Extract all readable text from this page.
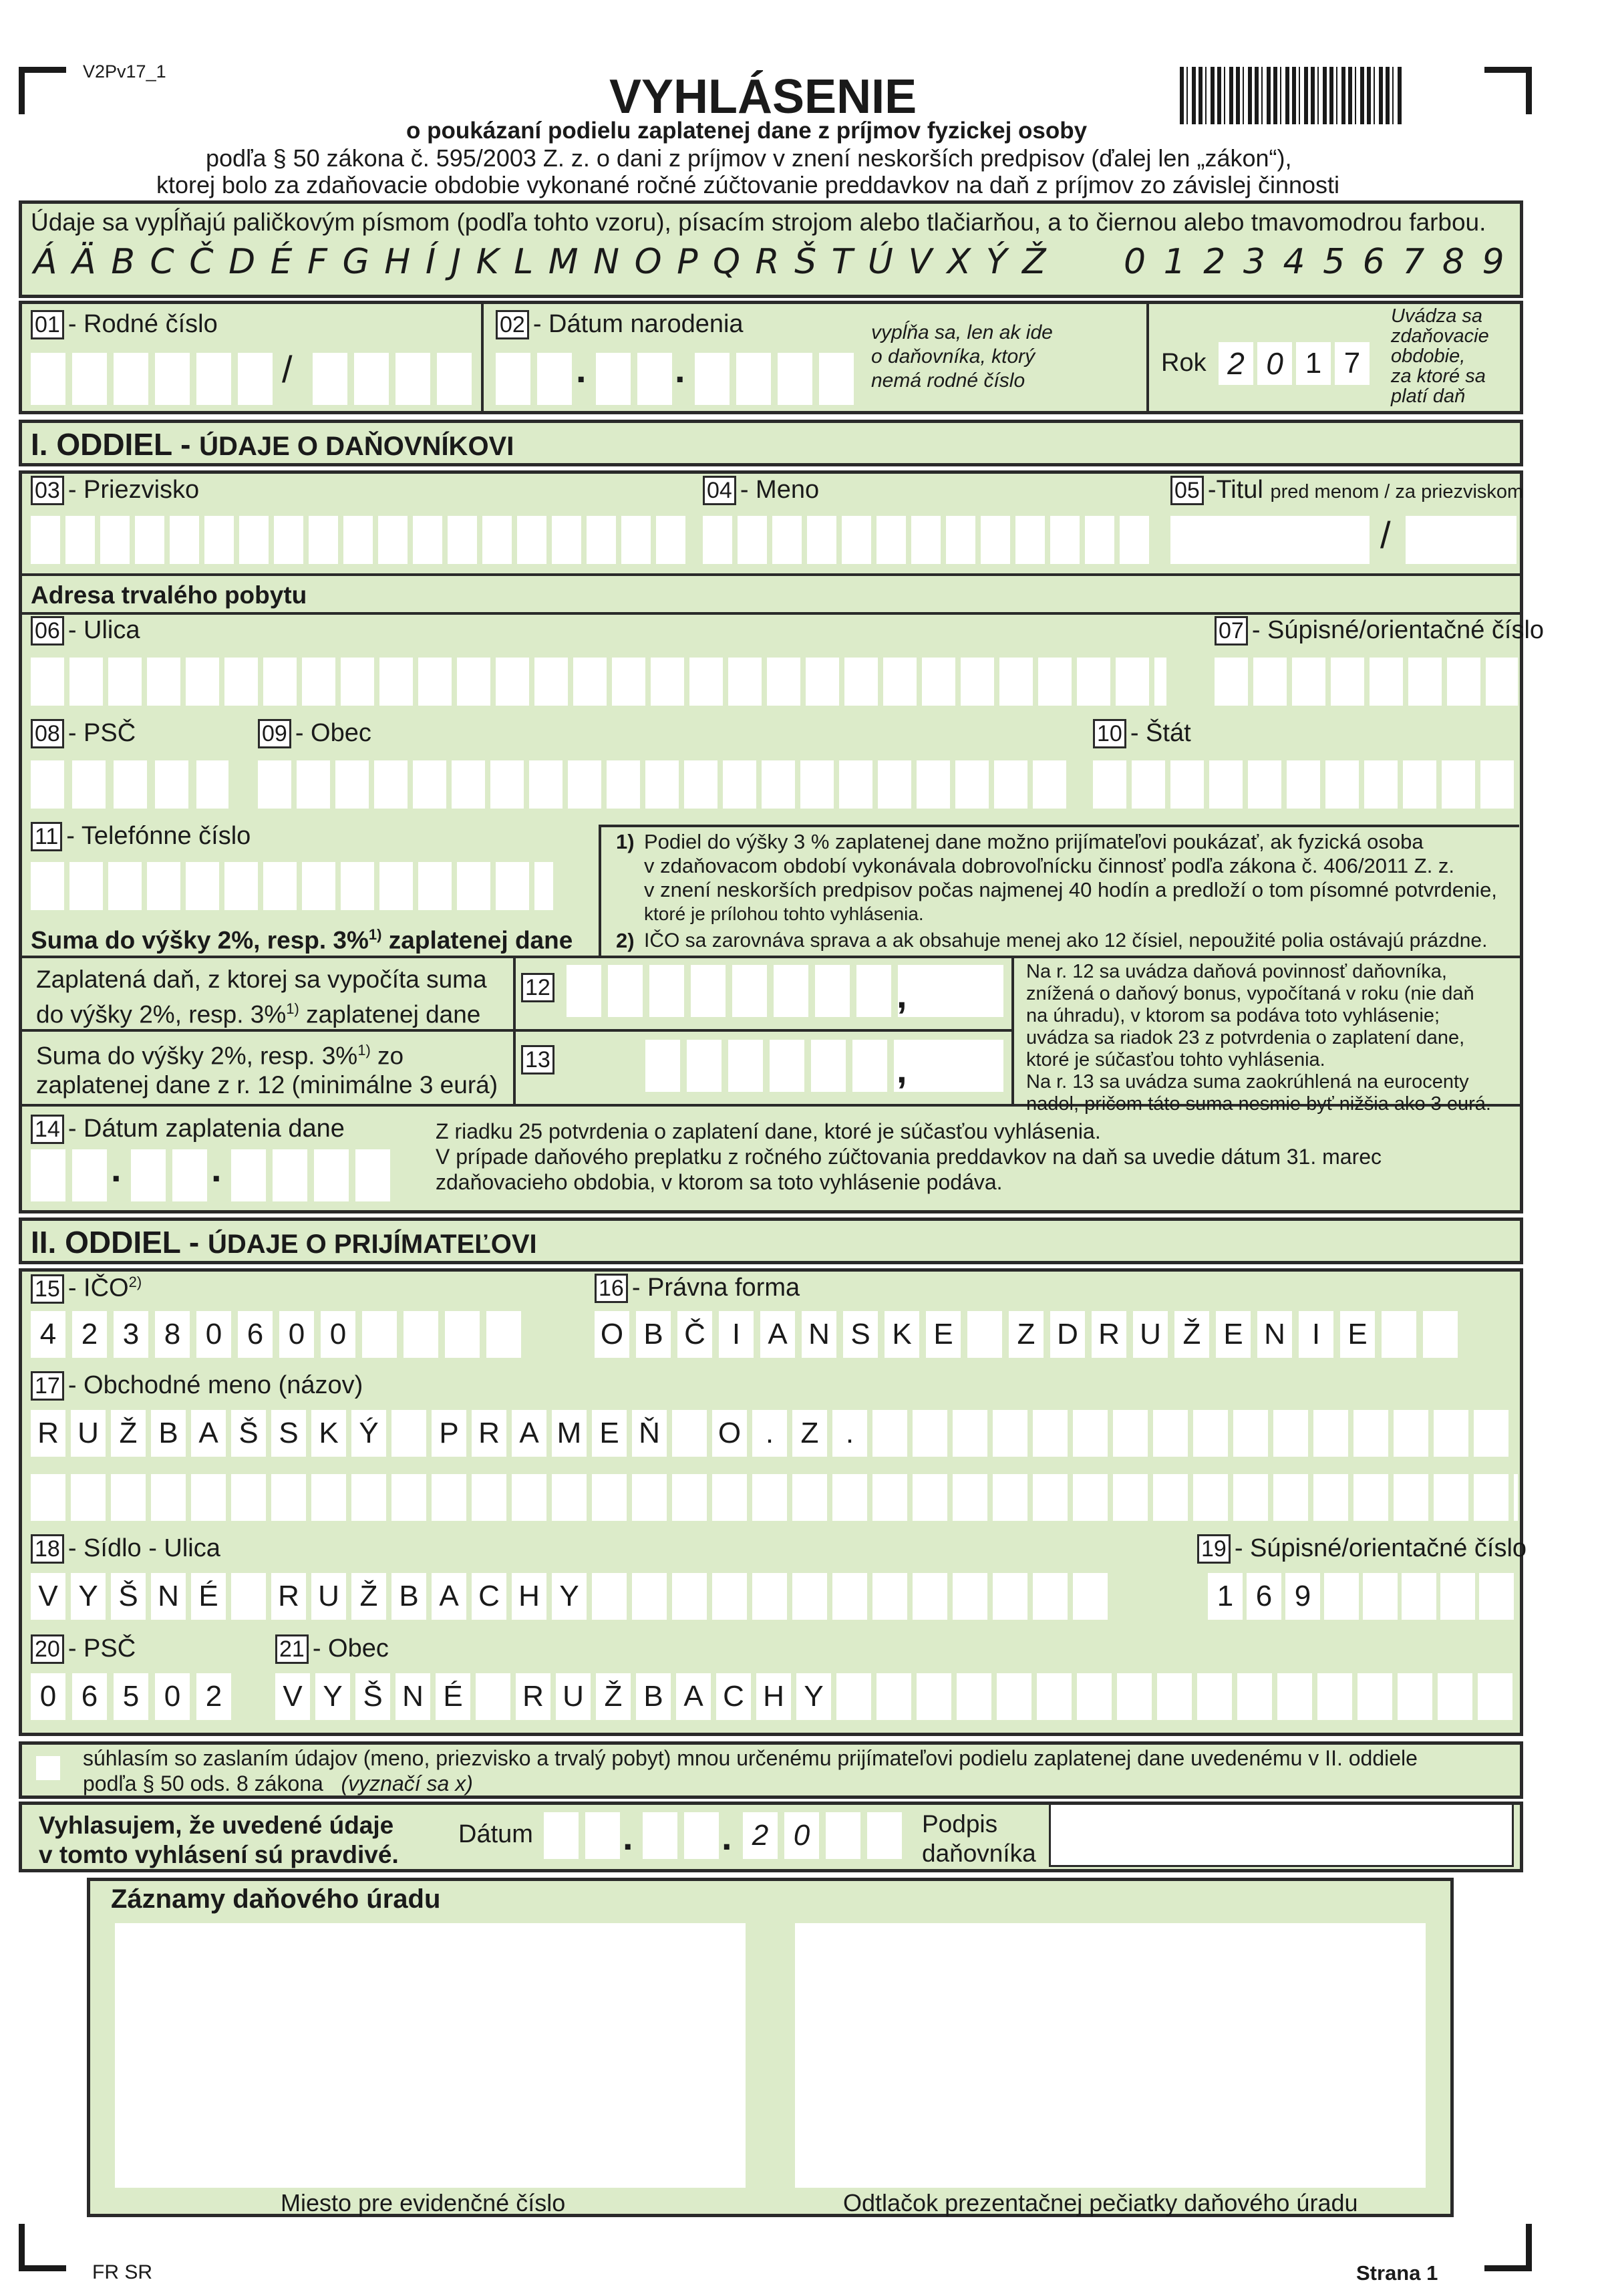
V2Pv17_1	VYHLÁSENIE
o poukázaní podielu zaplatenej dane z príjmov fyzickej osoby
podľa § 50 zákona č. 595/2003 Z. z. o dani z príjmov v znení neskorších predpisov (ďalej len „zákon“),
ktorej bolo za zdaňovacie obdobie vykonané ročné zúčtovanie preddavkov na daň z príjmov zo závislej činnosti
Údaje sa vypĺňajú paličkovým písmom (podľa tohto vzoru), písacím strojom alebo tlačiarňou, a to čiernou alebo tmavomodrou farbou.
Á Ä B C Č D É F G H Í J K L M N O P Q R Š T Ú V X Ý Ž 0 1 2 3 4 5 6 7 8 9
01 - Rodné číslo
/
02 - Dátum narodenia
. .
vypĺňa sa, len ak ide
o daňovníka, ktorý
nemá rodné číslo
Rok 2 0 1 7
Uvádza sa
zdaňovacie
obdobie,
za ktoré sa
platí daň
I. ODDIEL - ÚDAJE O DAŇOVNÍKOVI
03 - Priezvisko	04 - Meno	05 -Titul pred menom / za priezviskom
/
Adresa trvalého pobytu
06 - Ulica	07 - Súpisné/orientačné číslo
08 - PSČ	09 - Obec	10 - Štát
11 - Telefónne číslo	1) Podiel do výšky 3 % zaplatenej dane možno prijímateľovi poukázať, ak fyzická osoba
v zdaňovacom období vykonávala dobrovoľnícku činnosť podľa zákona č. 406/2011 Z. z.
v znení neskorších predpisov počas najmenej 40 hodín a predloží o tom písomné potvrdenie,
ktoré je prílohou tohto vyhlásenia.
2) IČO sa zarovnáva sprava a ak obsahuje menej ako 12 čísiel, nepoužité polia ostávajú prázdne.
Suma do výšky 2%, resp. 3%$^{1)}$ zaplatenej dane
Zaplatená daň, z ktorej sa vypočíta suma
do výšky 2%, resp. 3%$^{1)}$ zaplatenej dane
12	,
Suma do výšky 2%, resp. 3%$^{1)}$ zo
zaplatenej dane z r. 12 (minimálne 3 eurá)
13	,
Na r. 12 sa uvádza daňová povinnosť daňovníka,
znížená o daňový bonus, vypočítaná v roku (nie daň
na úhradu), v ktorom sa podáva toto vyhlásenie;
uvádza sa riadok 23 z potvrdenia o zaplatení dane,
ktoré je súčasťou tohto vyhlásenia.
Na r. 13 sa uvádza suma zaokrúhlená na eurocenty
nadol, pričom táto suma nesmie byť nižšia ako 3 eurá.
14 - Dátum zaplatenia dane
. .
Z riadku 25 potvrdenia o zaplatení dane, ktoré je súčasťou vyhlásenia.
V prípade daňového preplatku z ročného zúčtovania preddavkov na daň sa uvedie dátum 31. marec
zdaňovacieho obdobia, v ktorom sa toto vyhlásenie podáva.
II. ODDIEL - ÚDAJE O PRIJÍMATEĽOVI
15 - IČO$^{2)}$
4 2 3 8 0 6 0 0
16 - Právna forma
O B Č I A N S K E Z D R U Ž E N I E
17 - Obchodné meno (názov)
R U Ž B A Š S K Ý P R A M E Ň O . Z .
18 - Sídlo - Ulica
V Y Š N É R U Ž B A C H Y
19 - Súpisné/orientačné číslo
1 6 9
20 - PSČ
0 6 5 0 2
21 - Obec
V Y Š N É R U Ž B A C H Y
súhlasím so zaslaním údajov (meno, priezvisko a trvalý pobyt) mnou určenému prijímateľovi podielu zaplatenej dane uvedenému v II. oddiele
podľa § 50 ods. 8 zákona (vyznačí sa x)
Vyhlasujem, že uvedené údaje
v tomto vyhlásení sú pravdivé.
Dátum . . 2 0	Podpis
daňovníka
Záznamy daňového úradu
Miesto pre evidenčné číslo	Odtlačok prezentačnej pečiatky daňového úradu
FR SR	Strana 1
